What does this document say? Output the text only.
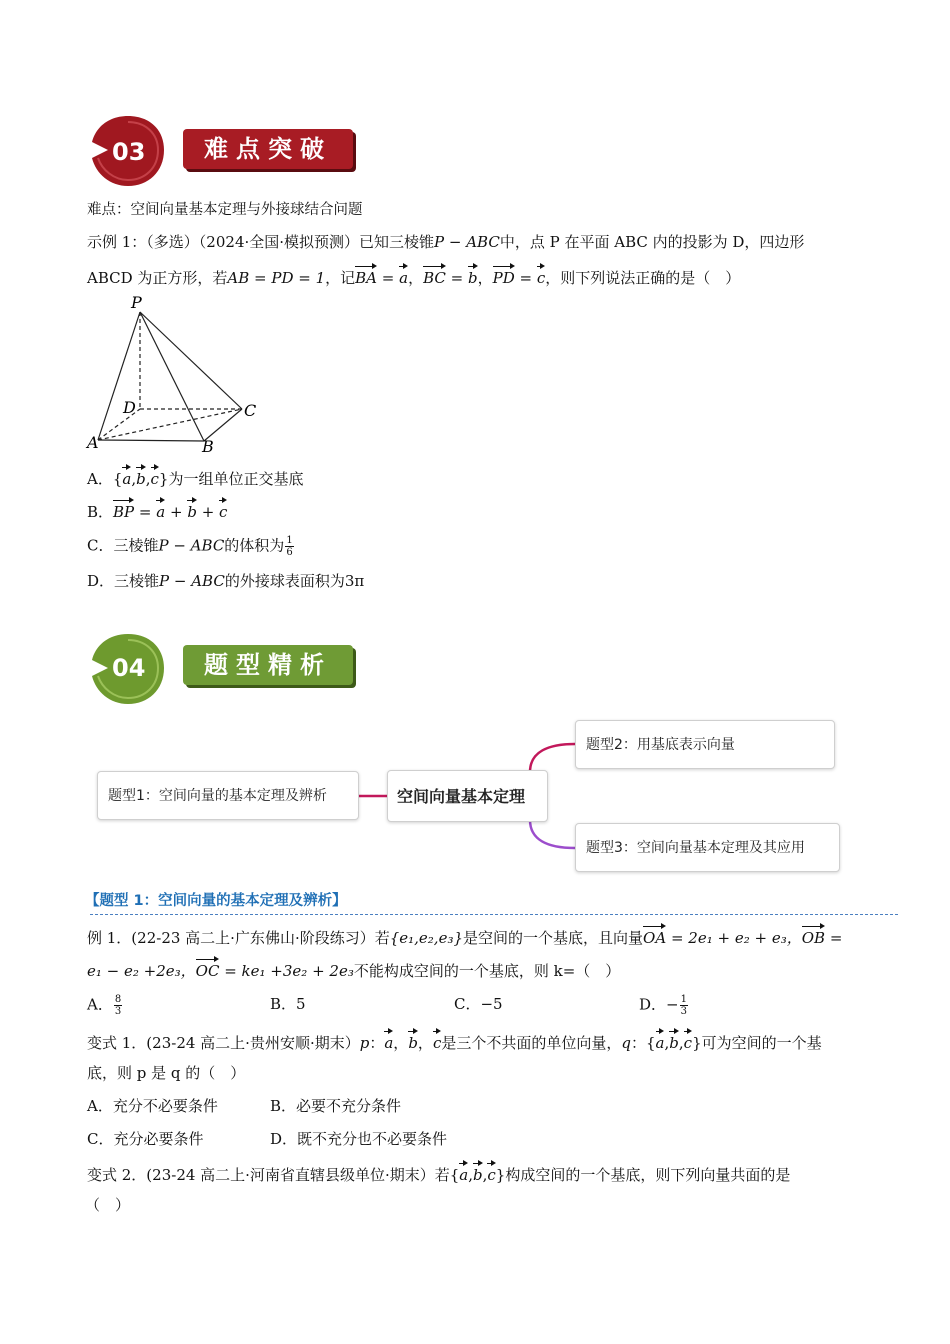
03	难点突破
难点：空间向量基本定理与外接球结合问题
示例 1：（多选）（2024·全国·模拟预测）已知三棱锥P − ABC中，点 P 在平面 ABC 内的投影为 D，四边形
ABCD 为正方形，若AB = PD = 1，记BA = a，BC = b，PD = c，则下列说法正确的是（　）
P
D	C
A	B
A．{a,b,c}为一组单位正交基底
B．BP = a + b + c
C．三棱锥P − ABC的体积为 $\frac{1}{6}$
D．三棱锥P − ABC的外接球表面积为3π
04	题型精析
题型1：空间向量的基本定理及辨析	空间向量基本定理
题型2：用基底表示向量
题型3：空间向量基本定理及其应用
【题型 1：空间向量的基本定理及辨析】
例 1．(22-23 高二上·广东佛山·阶段练习）若{e₁,e₂,e₃}是空间的一个基底，且向量OA = 2e₁ + e₂ + e₃，OB =
e₁ − e₂ +2e₃，OC = ke₁ +3e₂ + 2e₃不能构成空间的一个基底，则 k=（　）
A． $\frac{8}{3}$	B．5	C．−5	D．− $\frac{1}{3}$
变式 1．(23-24 高二上·贵州安顺·期末）p：a，b，c是三个不共面的单位向量，q：{a,b,c}可为空间的一个基
底，则 p 是 q 的（　）
A．充分不必要条件	B．必要不充分条件
C．充分必要条件	D．既不充分也不必要条件
变式 2．(23-24 高二上·河南省直辖县级单位·期末）若{a,b,c}构成空间的一个基底，则下列向量共面的是
（　）
